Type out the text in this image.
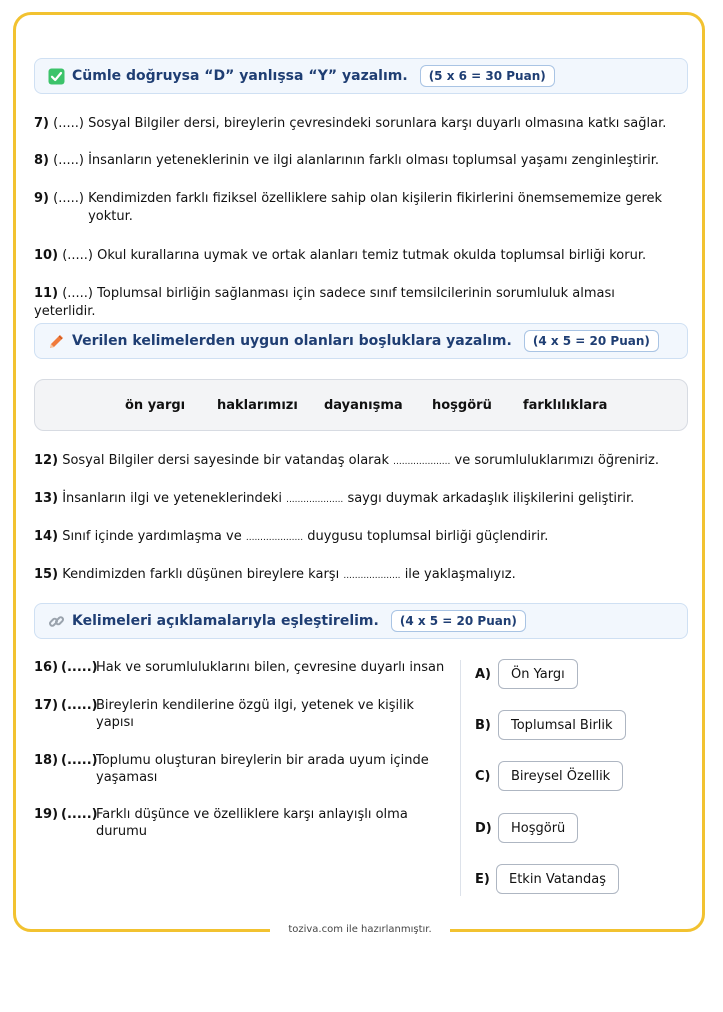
Cümle doğruysa “D” yanlışsa “Y” yazalım.	(5 x 6 = 30 Puan)
7) (.....) Sosyal Bilgiler dersi, bireylerin çevresindeki sorunlara karşı duyarlı olmasına katkı sağlar.
8) (.....) İnsanların yeteneklerinin ve ilgi alanlarının farklı olması toplumsal yaşamı zenginleştirir.
9) (.....) Kendimizden farklı fiziksel özelliklere sahip olan kişilerin fikirlerini önemsememize gerek yoktur.
10) (.....) Okul kurallarına uymak ve ortak alanları temiz tutmak okulda toplumsal birliği korur.
11) (.....) Toplumsal birliğin sağlanması için sadece sınıf temsilcilerinin sorumluluk alması yeterlidir.
Verilen kelimelerden uygun olanları boşluklara yazalım.	(4 x 5 = 20 Puan)
ön yargı haklarımızı dayanışma hoşgörü farklılıklara
12) Sosyal Bilgiler dersi sayesinde bir vatandaş olarak .................... ve sorumluluklarımızı öğreniriz.
13) İnsanların ilgi ve yeteneklerindeki .................... saygı duymak arkadaşlık ilişkilerini geliştirir.
14) Sınıf içinde yardımlaşma ve .................... duygusu toplumsal birliği güçlendirir.
15) Kendimizden farklı düşünen bireylere karşı .................... ile yaklaşmalıyız.
Kelimeleri açıklamalarıyla eşleştirelim.	(4 x 5 = 20 Puan)
16) (.....)
Hak ve sorumluluklarını bilen, çevresine duyarlı insan
17) (.....)
Bireylerin kendilerine özgü ilgi, yetenek ve kişilik yapısı
18) (.....)
Toplumu oluşturan bireylerin bir arada uyum içinde yaşaması
19) (.....)
Farklı düşünce ve özelliklere karşı anlayışlı olma durumu
A)	Ön Yargı
B)	Toplumsal Birlik
C)	Bireysel Özellik
D)	Hoşgörü
E)	Etkin Vatandaş
toziva.com ile hazırlanmıştır.
